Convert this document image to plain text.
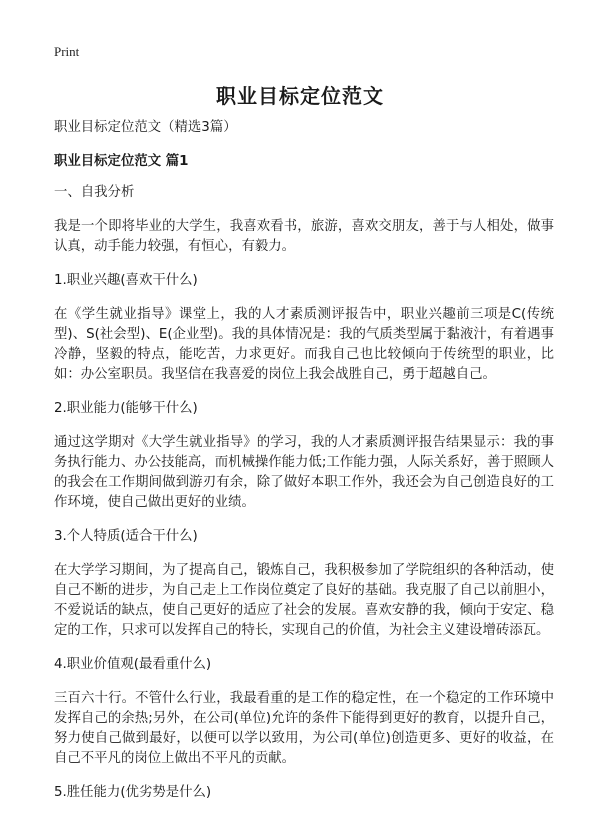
Print
职业目标定位范文
职业目标定位范文（精选3篇）
职业目标定位范文 篇1
一、自我分析
我是一个即将毕业的大学生，我喜欢看书，旅游，喜欢交朋友，善于与人相处，做事认真，动手能力较强，有恒心，有毅力。
1.职业兴趣(喜欢干什么)
在《学生就业指导》课堂上，我的人才素质测评报告中，职业兴趣前三项是C(传统型)、S(社会型)、E(企业型)。我的具体情况是：我的气质类型属于黏液汁，有着遇事冷静，坚毅的特点，能吃苦，力求更好。而我自己也比较倾向于传统型的职业，比如：办公室职员。我坚信在我喜爱的岗位上我会战胜自己，勇于超越自己。
2.职业能力(能够干什么)
通过这学期对《大学生就业指导》的学习，我的人才素质测评报告结果显示：我的事务执行能力、办公技能高，而机械操作能力低;工作能力强，人际关系好，善于照顾人的我会在工作期间做到游刃有余，除了做好本职工作外，我还会为自己创造良好的工作环境，使自己做出更好的业绩。
3.个人特质(适合干什么)
在大学学习期间，为了提高自己，锻炼自己，我积极参加了学院组织的各种活动，使自己不断的进步，为自己走上工作岗位奠定了良好的基础。我克服了自己以前胆小，不爱说话的缺点，使自己更好的适应了社会的发展。喜欢安静的我，倾向于安定、稳定的工作，只求可以发挥自己的特长，实现自己的价值，为社会主义建设增砖添瓦。
4.职业价值观(最看重什么)
三百六十行。不管什么行业，我最看重的是工作的稳定性，在一个稳定的工作环境中发挥自己的余热;另外，在公司(单位)允许的条件下能得到更好的教育，以提升自己，努力使自己做到最好，以便可以学以致用，为公司(单位)创造更多、更好的收益，在自己不平凡的岗位上做出不平凡的贡献。
5.胜任能力(优劣势是什么)
